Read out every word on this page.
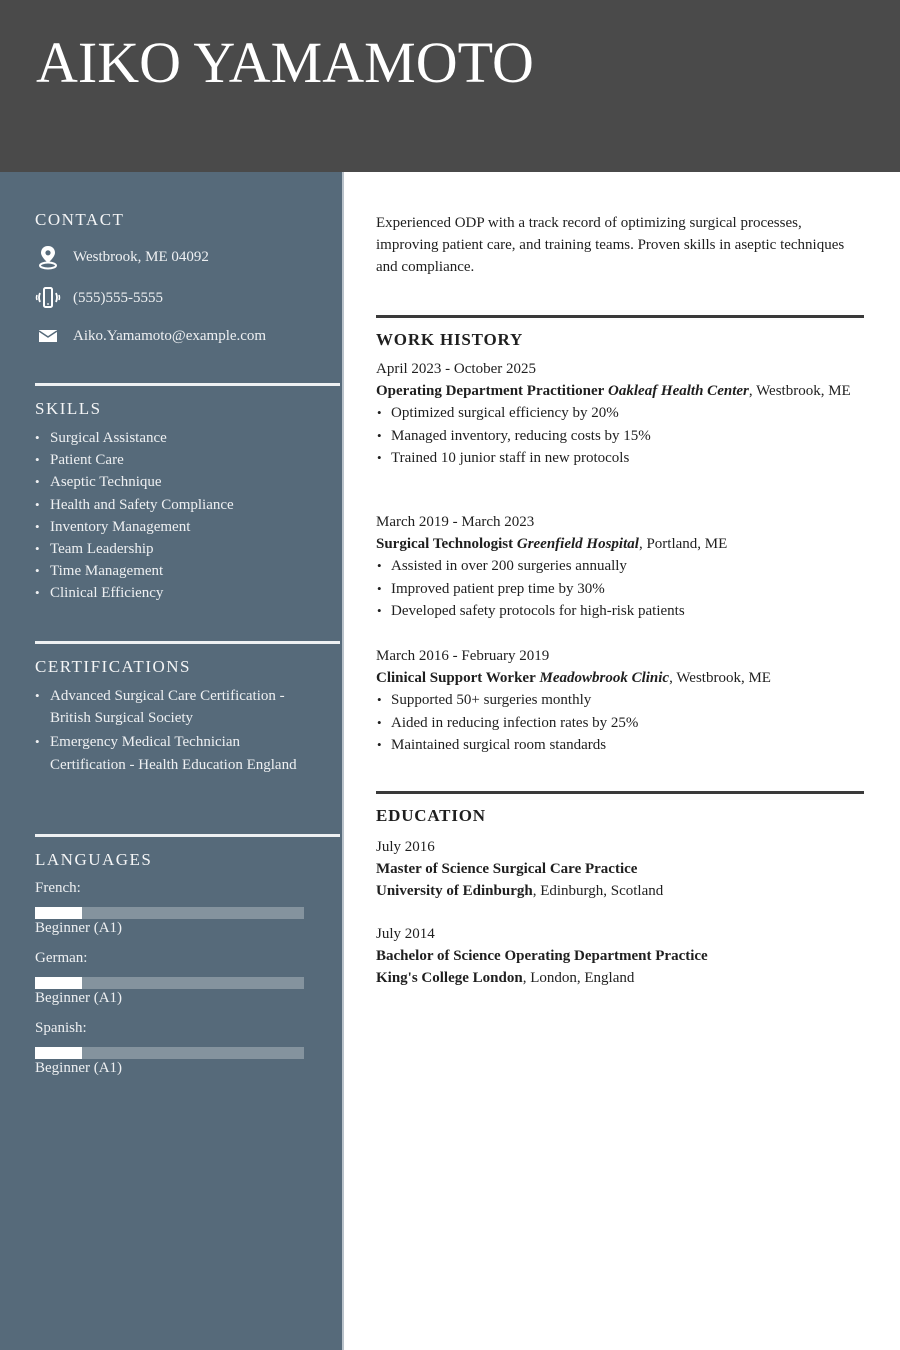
AIKO YAMAMOTO
CONTACT
Westbrook, ME 04092
(555)555-5555
Aiko.Yamamoto@example.com
SKILLS
• Surgical Assistance
• Patient Care
• Aseptic Technique
• Health and Safety Compliance
• Inventory Management
• Team Leadership
• Time Management
• Clinical Efficiency
CERTIFICATIONS
• Advanced Surgical Care Certification - British Surgical Society
• Emergency Medical Technician Certification - Health Education England
LANGUAGES
French:
Beginner (A1)
German:
Beginner (A1)
Spanish:
Beginner (A1)

Experienced ODP with a track record of optimizing surgical processes, improving patient care, and training teams. Proven skills in aseptic techniques and compliance.

WORK HISTORY
April 2023 - October 2025
Operating Department Practitioner Oakleaf Health Center, Westbrook, ME
• Optimized surgical efficiency by 20%
• Managed inventory, reducing costs by 15%
• Trained 10 junior staff in new protocols
March 2019 - March 2023
Surgical Technologist Greenfield Hospital, Portland, ME
• Assisted in over 200 surgeries annually
• Improved patient prep time by 30%
• Developed safety protocols for high-risk patients
March 2016 - February 2019
Clinical Support Worker Meadowbrook Clinic, Westbrook, ME
• Supported 50+ surgeries monthly
• Aided in reducing infection rates by 25%
• Maintained surgical room standards
EDUCATION
July 2016
Master of Science Surgical Care Practice
University of Edinburgh, Edinburgh, Scotland
July 2014
Bachelor of Science Operating Department Practice
King's College London, London, England
